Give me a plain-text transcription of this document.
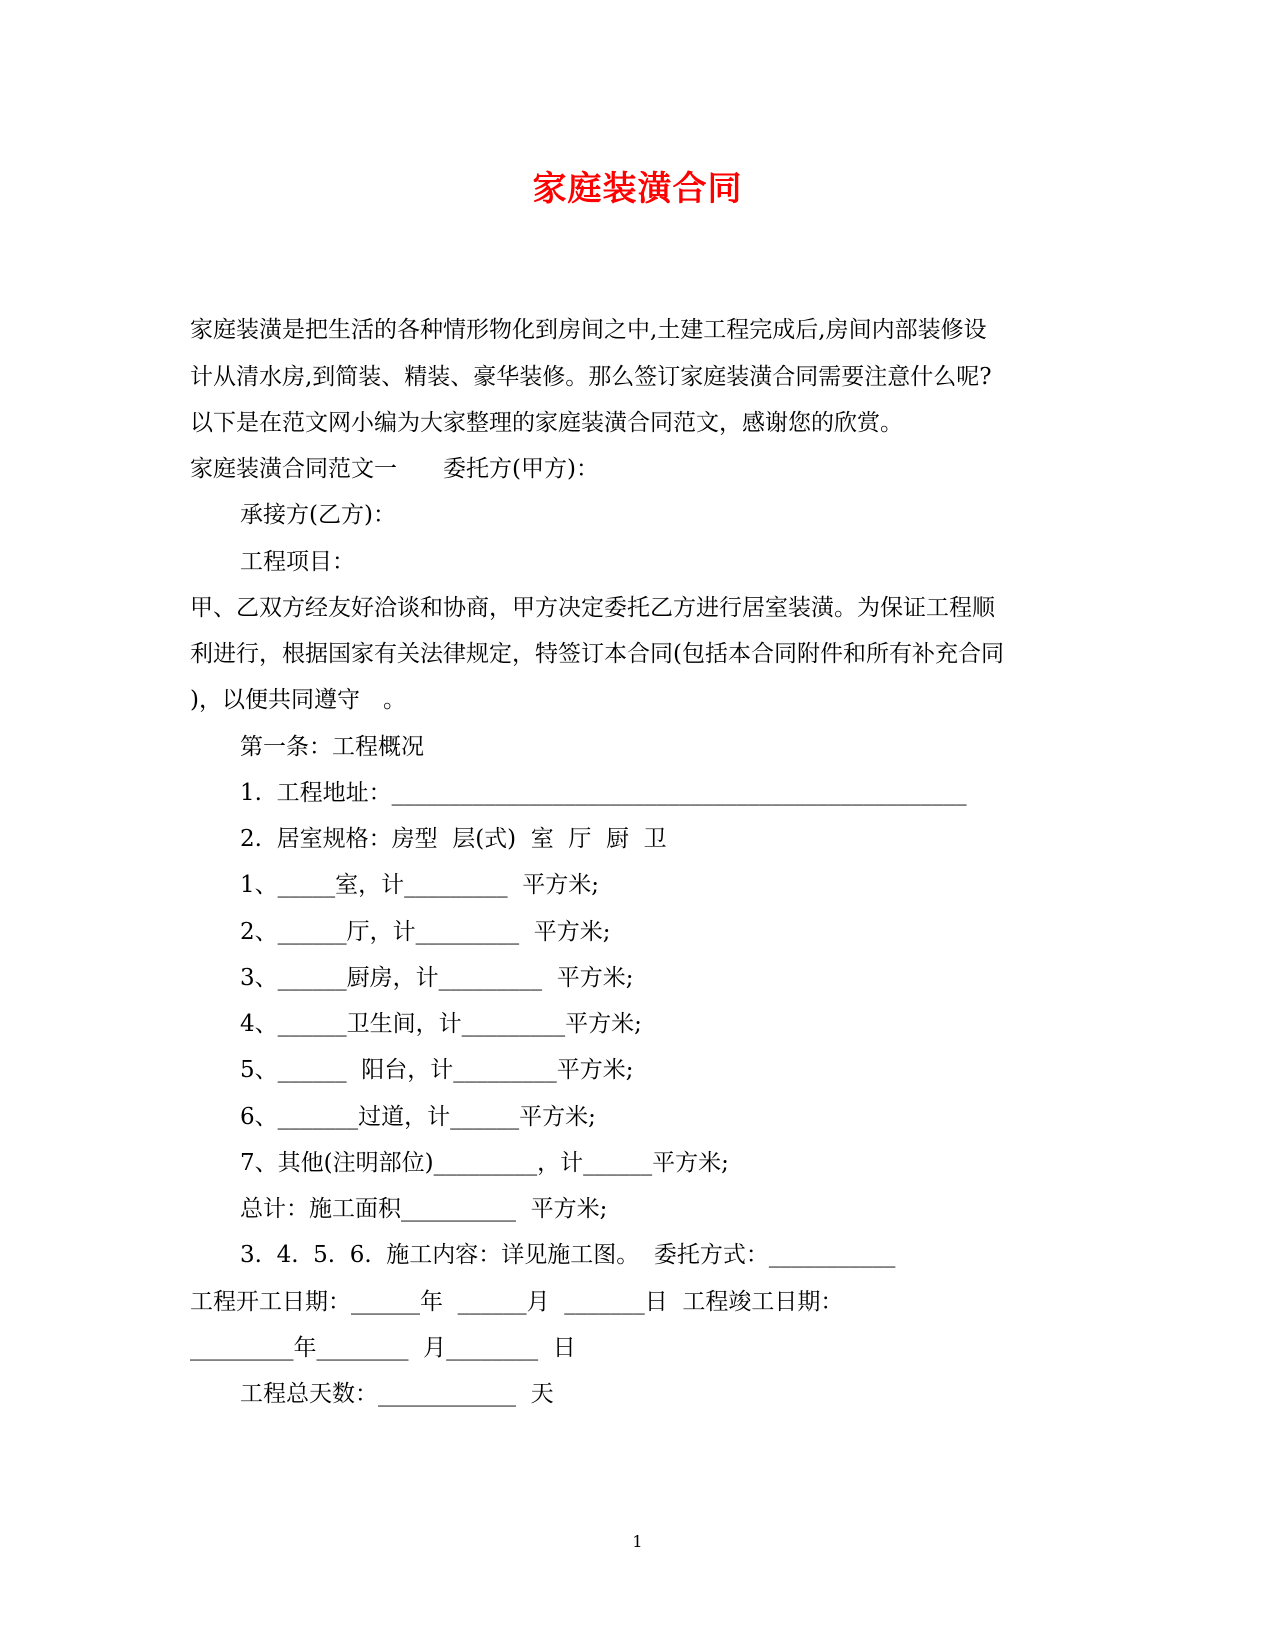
家庭装潢合同
家庭装潢是把生活的各种情形物化到房间之中,土建工程完成后,房间内部装修设
计从清水房,到简装、精装、豪华装修。那么签订家庭装潢合同需要注意什么呢?
以下是在范文网小编为大家整理的家庭装潢合同范文，感谢您的欣赏。
家庭装潢合同范文一　　委托方(甲方)：
承接方(乙方)：
工程项目：
甲、乙双方经友好洽谈和协商，甲方决定委托乙方进行居室装潢。为保证工程顺
利进行，根据国家有关法律规定，特签订本合同(包括本合同附件和所有补充合同
)，以便共同遵守　。
第一条：工程概况
1.  工程地址：__________________________________________________
2.  居室规格：房型  层(式)  室  厅  厨  卫
1、_____室，计_________  平方米;
2、______厅，计_________  平方米;
3、______厨房，计_________  平方米;
4、______卫生间，计_________平方米;
5、______  阳台，计_________平方米;
6、_______过道，计______平方米;
7、其他(注明部位)_________，计______平方米;
总计：施工面积__________  平方米;
3.  4.  5.  6.  施工内容：详见施工图。  委托方式：___________
工程开工日期：______年  ______月  _______日  工程竣工日期：
_________年________  月________  日
工程总天数：____________  天
1
